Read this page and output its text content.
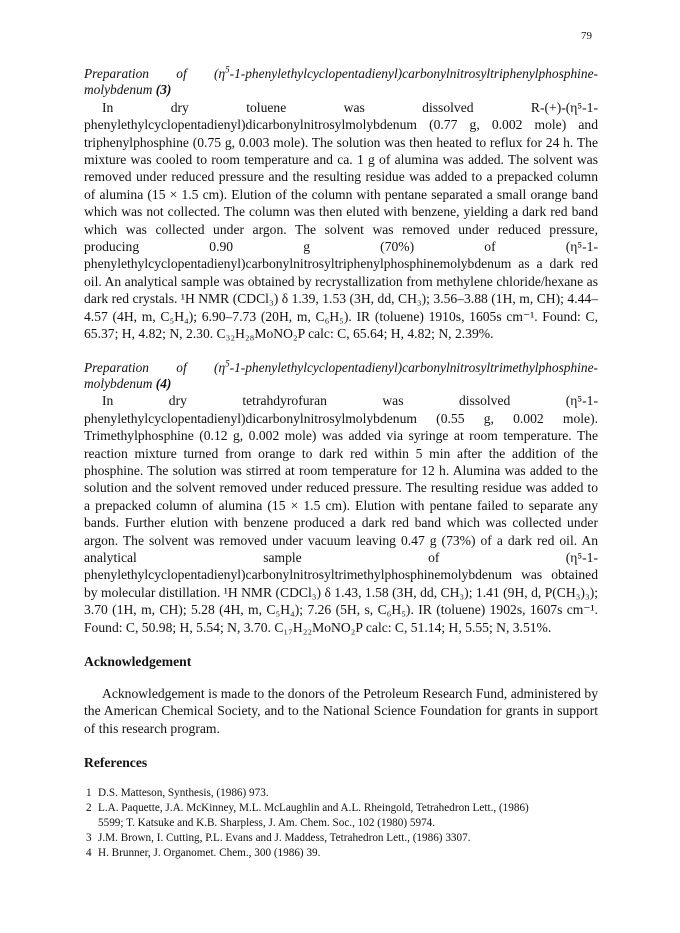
79
Preparation of $(\eta^5-1-phenylethylcyclopentadienyl)carbonylnitrosyltriphenylphosphine$-molybdenum (3)

In dry toluene was dissolved R-(+)-(η⁵-1-phenylethylcyclopentadienyl)dicarbonylnitrosylmolybdenum (0.77 g, 0.002 mole) and triphenylphosphine (0.75 g, 0.003 mole). The solution was then heated to reflux for 24 h. The mixture was cooled to room temperature and ca. 1 g of alumina was added. The solvent was removed under reduced pressure and the resulting residue was added to a prepacked column of alumina (15 × 1.5 cm). Elution of the column with pentane separated a small orange band which was not collected. The column was then eluted with benzene, yielding a dark red band which was collected under argon. The solvent was removed under reduced pressure, producing 0.90 g (70%) of (η⁵-1-phenylethylcyclopentadienyl)carbonylnitrosyltriphenylphosphinemolybdenum as a dark red oil. An analytical sample was obtained by recrystallization from methylene chloride/hexane as dark red crystals. ¹H NMR (CDCl₃) δ 1.39, 1.53 (3H, dd, CH₃); 3.56–3.88 (1H, m, CH); 4.44–4.57 (4H, m, C₅H₄); 6.90–7.73 (20H, m, C₆H₅). IR (toluene) 1910s, 1605s cm⁻¹. Found: C, 65.37; H, 4.82; N, 2.30. C₃₂H₂₈MoNO₂P calc: C, 65.64; H, 4.82; N, 2.39%.

Preparation of $(\eta^5-1-phenylethylcyclopentadienyl)carbonylnitrosyltrimethylphosphine$-molybdenum (4)

In dry tetrahdyrofuran was dissolved (η⁵-1-phenylethylcyclopentadienyl)dicarbonylnitrosylmolybdenum (0.55 g, 0.002 mole). Trimethylphosphine (0.12 g, 0.002 mole) was added via syringe at room temperature. The reaction mixture turned from orange to dark red within 5 min after the addition of the phosphine. The solution was stirred at room temperature for 12 h. Alumina was added to the solution and the solvent removed under reduced pressure. The resulting residue was added to a prepacked column of alumina (15 × 1.5 cm). Elution with pentane failed to separate any bands. Further elution with benzene produced a dark red band which was collected under argon. The solvent was removed under vacuum leaving 0.47 g (73%) of a dark red oil. An analytical sample of (η⁵-1-phenylethylcyclopentadienyl)carbonylnitrosyltrimethylphosphinemolybdenum was obtained by molecular distillation. ¹H NMR (CDCl₃) δ 1.43, 1.58 (3H, dd, CH₃); 1.41 (9H, d, P(CH₃)₃); 3.70 (1H, m, CH); 5.28 (4H, m, C₅H₄); 7.26 (5H, s, C₆H₅). IR (toluene) 1902s, 1607s cm⁻¹. Found: C, 50.98; H, 5.54; N, 3.70. C₁₇H₂₂MoNO₂P calc: C, 51.14; H, 5.55; N, 3.51%.

Acknowledgement

Acknowledgement is made to the donors of the Petroleum Research Fund, administered by the American Chemical Society, and to the National Science Foundation for grants in support of this research program.

References
1 D.S. Matteson, Synthesis, (1986) 973.
2 L.A. Paquette, J.A. McKinney, M.L. McLaughlin and A.L. Rheingold, Tetrahedron Lett., (1986)
5599; T. Katsuke and K.B. Sharpless, J. Am. Chem. Soc., 102 (1980) 5974.
3 J.M. Brown, I. Cutting, P.L. Evans and J. Maddess, Tetrahedron Lett., (1986) 3307.
4 H. Brunner, J. Organomet. Chem., 300 (1986) 39.
